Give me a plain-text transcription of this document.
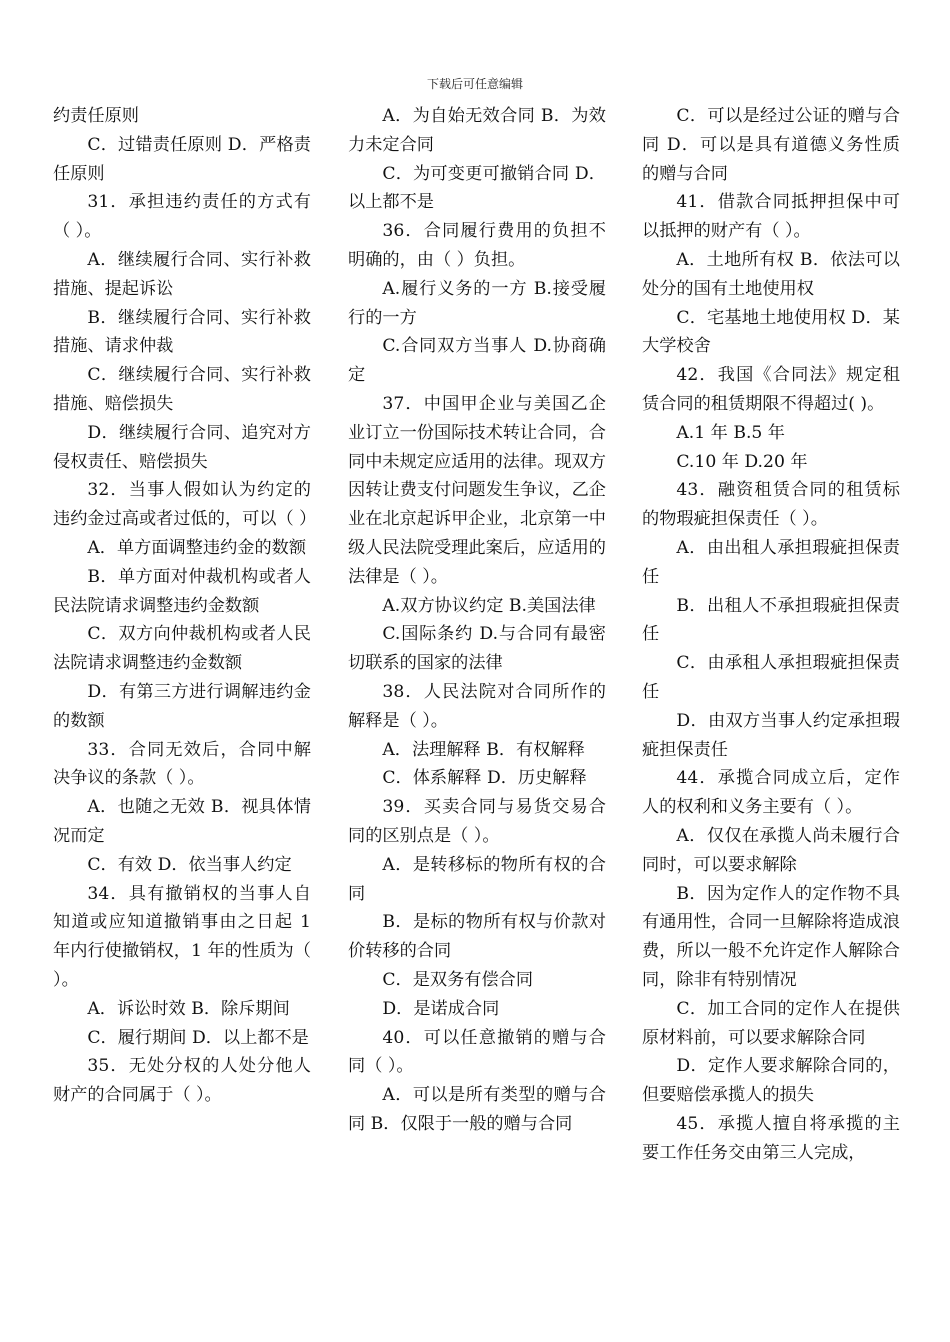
下载后可任意编辑

约责任原则

C．过错责任原则 D．严格责任原则

31．承担违约责任的方式有（ ）。

A．继续履行合同、实行补救措施、提起诉讼

B．继续履行合同、实行补救措施、请求仲裁

C．继续履行合同、实行补救措施、赔偿损失

D．继续履行合同、追究对方侵权责任、赔偿损失

32．当事人假如认为约定的违约金过高或者过低的，可以（ ）

A．单方面调整违约金的数额

B．单方面对仲裁机构或者人民法院请求调整违约金数额

C．双方向仲裁机构或者人民法院请求调整违约金数额

D．有第三方进行调解违约金的数额

33．合同无效后，合同中解决争议的条款（ ）。

A．也随之无效 B．视具体情况而定

C．有效 D．依当事人约定

34．具有撤销权的当事人自知道或应知道撤销事由之日起 1 年内行使撤销权，1 年的性质为（ ）。

A．诉讼时效 B．除斥期间

C．履行期间 D．以上都不是

35．无处分权的人处分他人财产的合同属于（ ）。

A．为自始无效合同 B．为效力未定合同

C．为可变更可撤销合同 D．以上都不是

36．合同履行费用的负担不明确的，由（ ）负担。

A.履行义务的一方 B.接受履行的一方

C.合同双方当事人 D.协商确定

37．中国甲企业与美国乙企业订立一份国际技术转让合同，合同中未规定应适用的法律。现双方因转让费支付问题发生争议，乙企业在北京起诉甲企业，北京第一中级人民法院受理此案后，应适用的法律是（ ）。

A.双方协议约定 B.美国法律

C.国际条约 D.与合同有最密切联系的国家的法律

38．人民法院对合同所作的解释是（ ）。

A．法理解释 B．有权解释

C．体系解释 D．历史解释

39．买卖合同与易货交易合同的区别点是（ ）。

A．是转移标的物所有权的合同

B．是标的物所有权与价款对价转移的合同

C．是双务有偿合同

D．是诺成合同

40．可以任意撤销的赠与合同（ ）。

A．可以是所有类型的赠与合同 B．仅限于一般的赠与合同

C．可以是经过公证的赠与合同 D．可以是具有道德义务性质的赠与合同

41．借款合同抵押担保中可以抵押的财产有（ ）。

A．土地所有权 B．依法可以处分的国有土地使用权

C．宅基地土地使用权 D．某大学校舍

42．我国《合同法》规定租赁合同的租赁期限不得超过( )。

A.1 年 B.5 年

C.10 年 D.20 年

43．融资租赁合同的租赁标的物瑕疵担保责任（ ）。

A．由出租人承担瑕疵担保责任

B．出租人不承担瑕疵担保责任

C．由承租人承担瑕疵担保责任

D．由双方当事人约定承担瑕疵担保责任

44．承揽合同成立后，定作人的权利和义务主要有（ ）。

A．仅仅在承揽人尚未履行合同时，可以要求解除

B．因为定作人的定作物不具有通用性，合同一旦解除将造成浪费，所以一般不允许定作人解除合同，除非有特别情况

C．加工合同的定作人在提供原材料前，可以要求解除合同

D．定作人要求解除合同的，但要赔偿承揽人的损失

45．承揽人擅自将承揽的主要工作任务交由第三人完成，
